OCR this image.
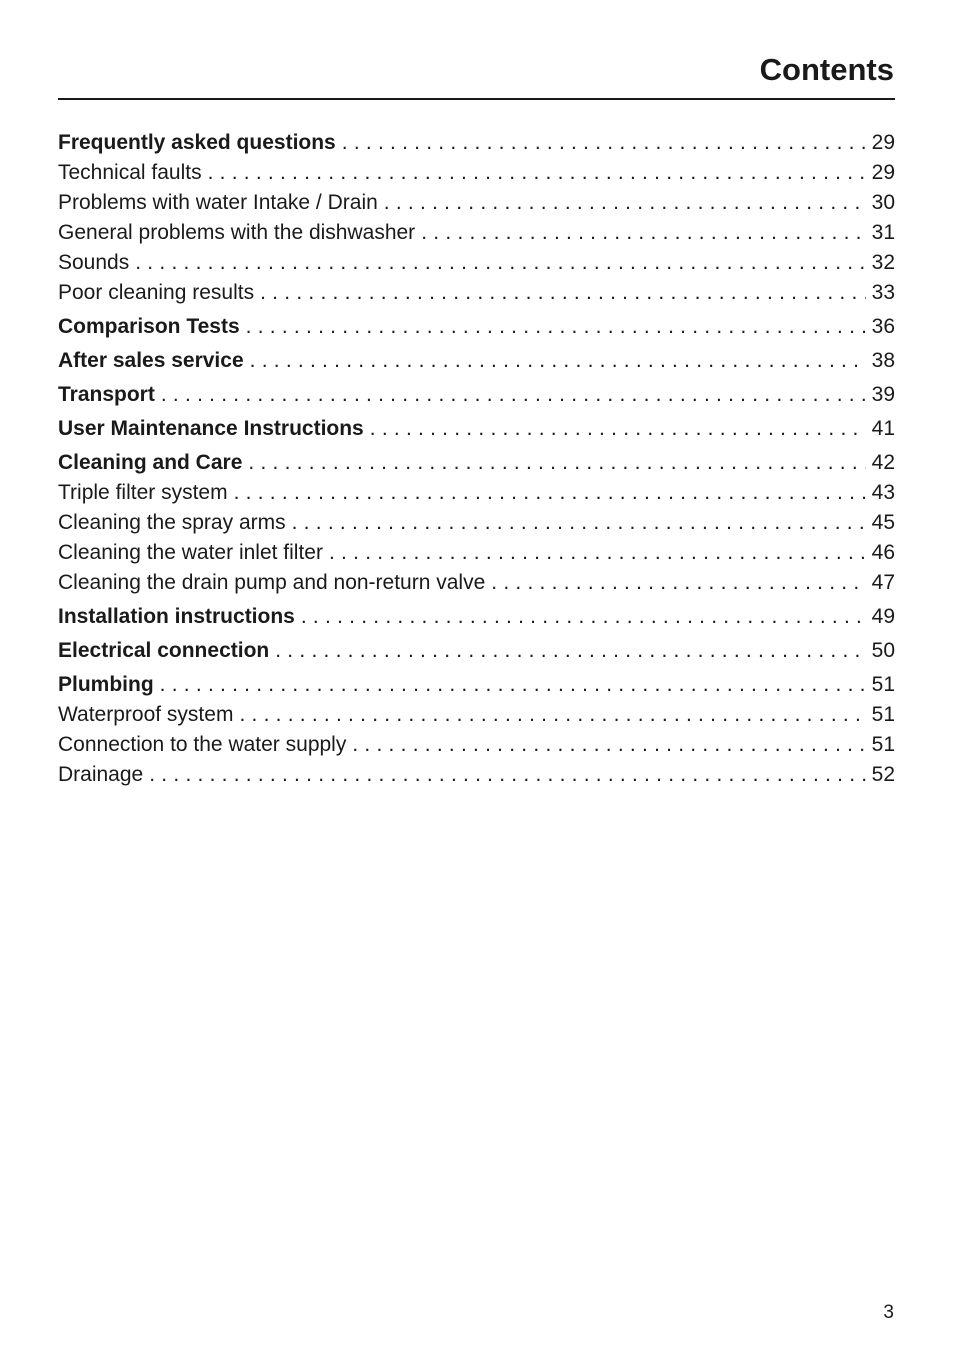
Contents
Frequently asked questions . . .	29
Technical faults . . .	29
Problems with water Intake / Drain . . .	30
General problems with the dishwasher . . .	31
Sounds . . .	32
Poor cleaning results . . .	33
Comparison Tests . . .	36
After sales service . . .	38
Transport . . .	39
User Maintenance Instructions . . .	41
Cleaning and Care . . .	42
Triple filter system . . .	43
Cleaning the spray arms . . .	45
Cleaning the water inlet filter . . .	46
Cleaning the drain pump and non-return valve . . .	47
Installation instructions . . .	49
Electrical connection . . .	50
Plumbing . . .	51
Waterproof system . . .	51
Connection to the water supply . . .	51
Drainage . . .	52
3
